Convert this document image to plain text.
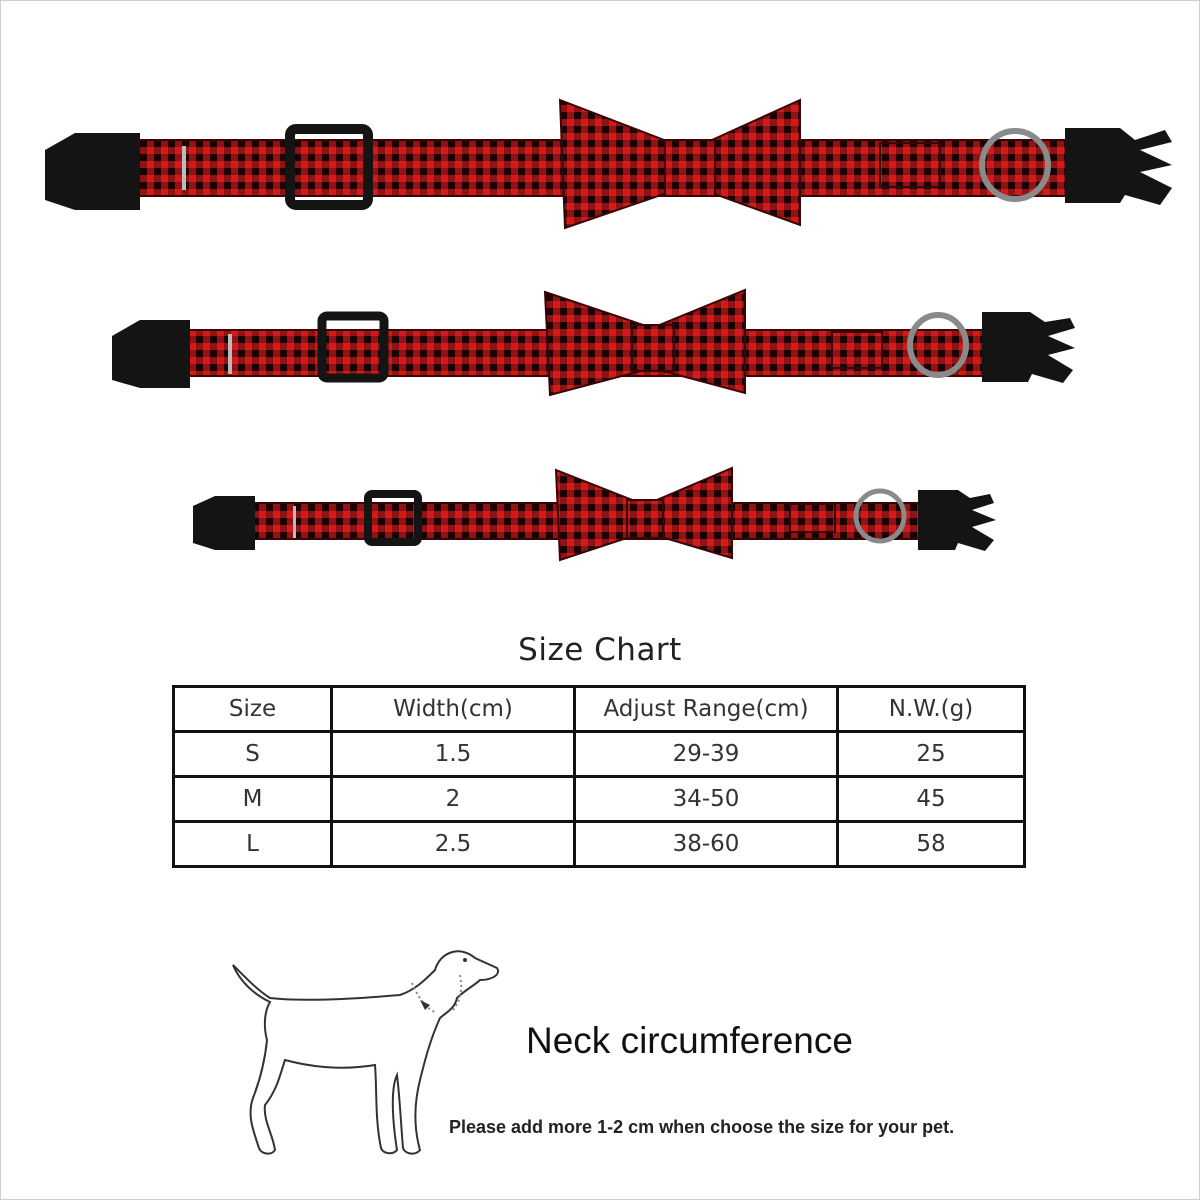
Size Chart
Size	Width(cm)	Adjust Range(cm)	N.W.(g)
S	1.5	29-39	25
M	2	34-50	45
L	2.5	38-60	58
Neck circumference
Please add more 1-2 cm when choose the size for your pet.
